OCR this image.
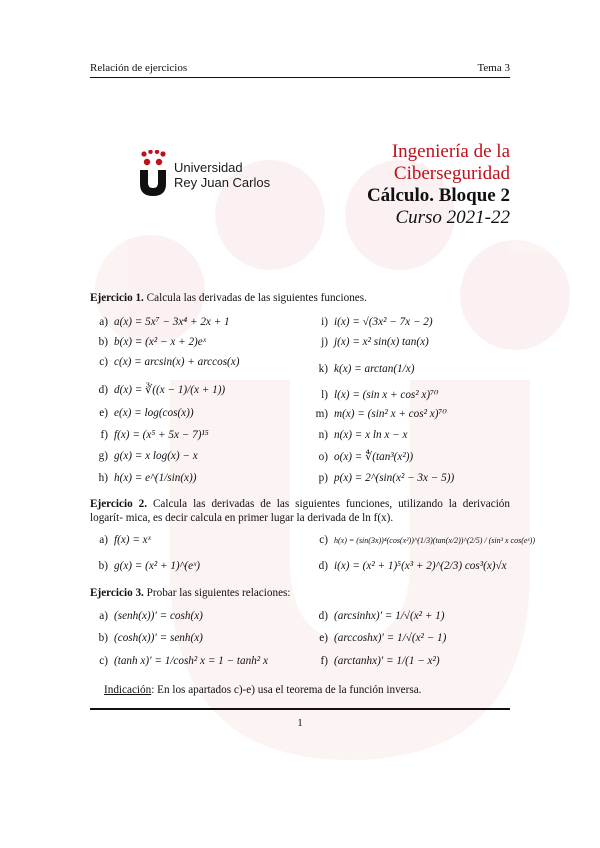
Relación de ejercicios	Tema 3
Universidad
Rey Juan Carlos
Ingeniería de la
Ciberseguridad
Cálculo. Bloque 2
Curso 2021-22
Ejercicio 1. Calcula las derivadas de las siguientes funciones.
a) a(x) = 5x⁷ − 3x⁴ + 2x + 1
b) b(x) = (x² − x + 2)eˣ
c) c(x) = arcsin(x) + arccos(x)
d) d(x) = ∛((x − 1)/(x + 1))
e) e(x) = log(cos(x))
f) f(x) = (x⁵ + 5x − 7)¹⁵
g) g(x) = x log(x) − x
h) h(x) = e^(1/sin(x))
i) i(x) = √(3x² − 7x − 2)
j) j(x) = x² sin(x) tan(x)
k) k(x) = arctan(1/x)
l) l(x) = (sin x + cos² x)⁷⁰
m) m(x) = (sin² x + cos² x)⁷⁰
n) n(x) = x ln x − x
o) o(x) = ∜(tan³(x²))
p) p(x) = 2^(sin(x² − 3x − 5))
Ejercicio 2. Calcula las derivadas de las siguientes funciones, utilizando la derivación logarít- mica, es decir calcula en primer lugar la derivada de ln f(x).
a) f(x) = xˣ
b) g(x) = (x² + 1)^(eˣ)
c) h(x) = (sin(3x))⁴(cos(x²))^(1/3)(tan(x/2))^(2/5) / (sin³ x cos(eˣ))
d) i(x) = (x² + 1)⁵(x³ + 2)^(2/3) cos³(x)√x
Ejercicio 3. Probar las siguientes relaciones:
a) (senh(x))′ = cosh(x)
b) (cosh(x))′ = senh(x)
c) (tanh x)′ = 1/cosh² x = 1 − tanh² x
d) (arcsinhx)′ = 1/√(x² + 1)
e) (arccoshx)′ = 1/√(x² − 1)
f) (arctanhx)′ = 1/(1 − x²)
Indicación: En los apartados c)-e) usa el teorema de la función inversa.
1
